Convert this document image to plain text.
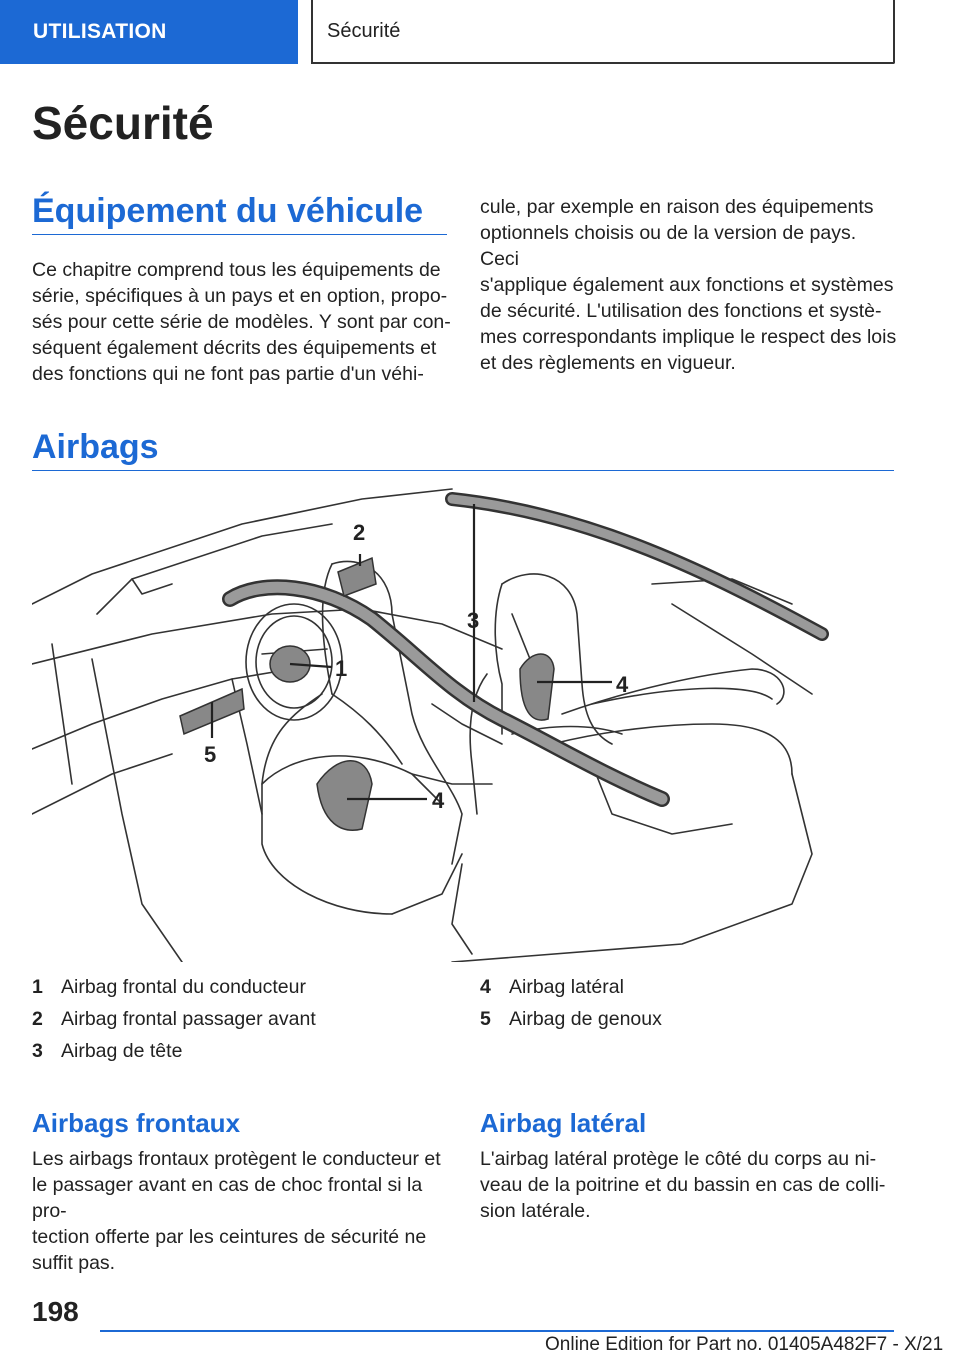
UTILISATION	Sécurité
Sécurité
Équipement du véhicule
Ce chapitre comprend tous les équipements de
série, spécifiques à un pays et en option, propo-
sés pour cette série de modèles. Y sont par con-
séquent également décrits des équipements et
des fonctions qui ne font pas partie d'un véhi-
cule, par exemple en raison des équipements
optionnels choisis ou de la version de pays. Ceci
s'applique également aux fonctions et systèmes
de sécurité. L'utilisation des fonctions et systè-
mes correspondants implique le respect des lois
et des règlements en vigueur.
Airbags
1
2
3
4
4
5
1 Airbag frontal du conducteur
2 Airbag frontal passager avant
3 Airbag de tête
4 Airbag latéral
5 Airbag de genoux
Airbags frontaux
Les airbags frontaux protègent le conducteur et
le passager avant en cas de choc frontal si la pro-
tection offerte par les ceintures de sécurité ne
suffit pas.
Airbag latéral
L'airbag latéral protège le côté du corps au ni-
veau de la poitrine et du bassin en cas de colli-
sion latérale.
198
Online Edition for Part no. 01405A482F7 - X/21
